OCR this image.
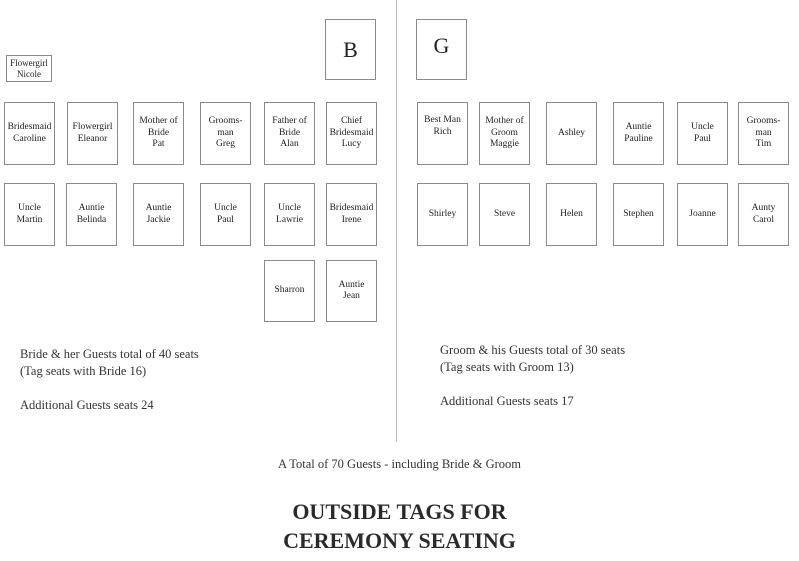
B	G
Flowergirl
Nicole
Bridesmaid
Caroline
Flowergirl
Eleanor
Mother of
Bride
Pat
Grooms-
man
Greg
Father of
Bride
Alan
Chief
Bridesmaid
Lucy
Uncle
Martin
Auntie
Belinda
Auntie
Jackie
Uncle
Paul
Uncle
Lawrie
Bridesmaid
Irene
Sharron
Auntie
Jean
Best Man
Rich
Mother of
Groom
Maggie
Ashley
Auntie
Pauline
Uncle
Paul
Grooms-
man
Tim
Shirley	Steve	Helen	Stephen	Joanne
Aunty
Carol
Bride & her Guests total of 40 seats
(Tag seats with Bride 16)
Additional Guests seats 24
Groom & his Guests total of 30 seats
(Tag seats with Groom 13)
Additional Guests seats 17
A Total of 70 Guests - including Bride & Groom
OUTSIDE TAGS FOR
CEREMONY SEATING
